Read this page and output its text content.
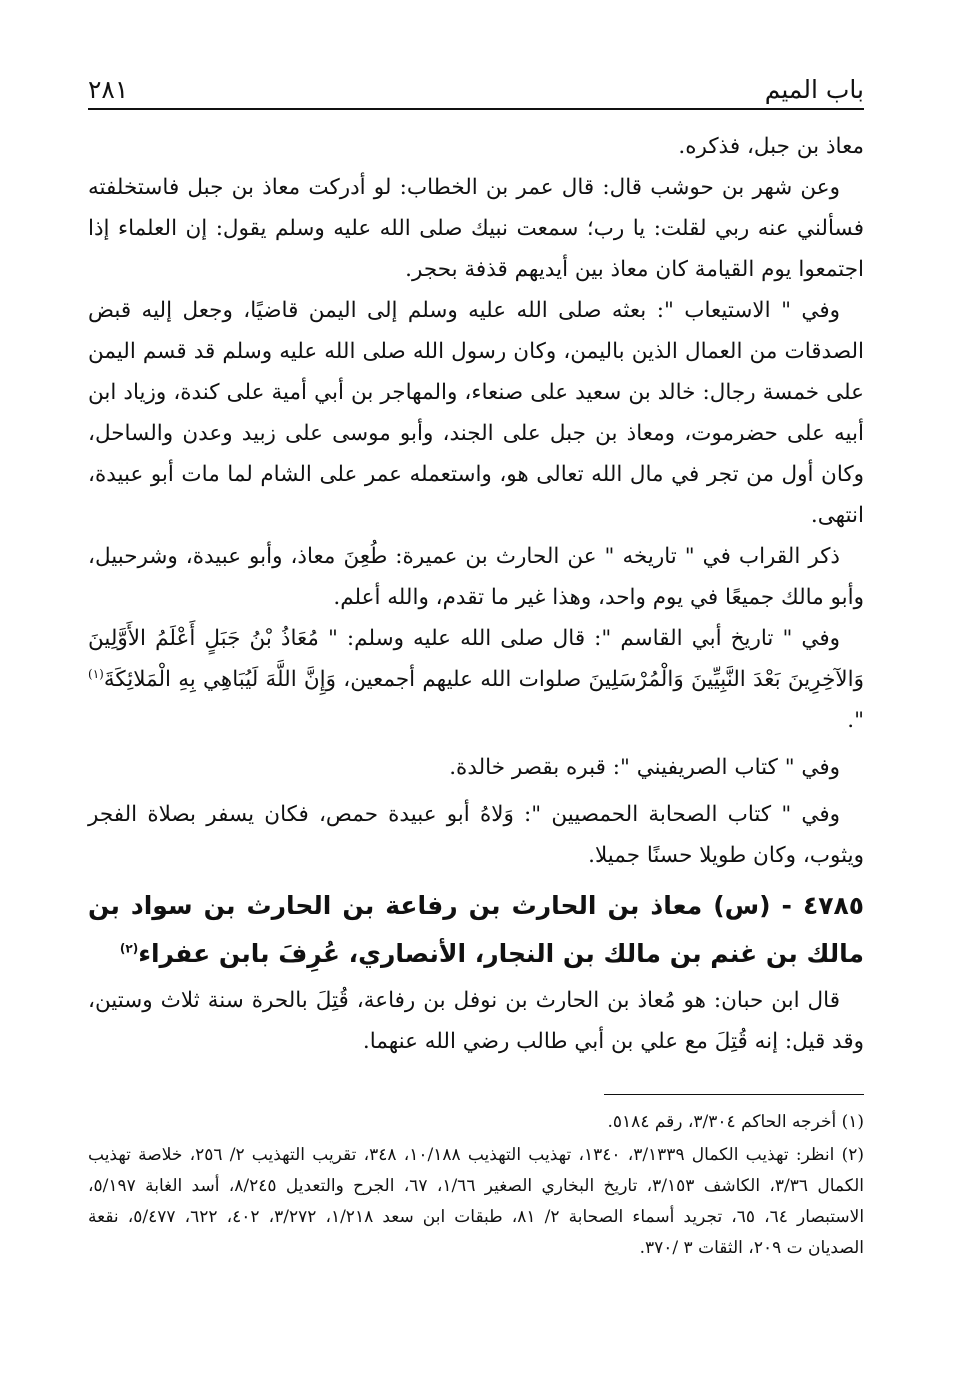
باب الميم
٢٨١

معاذ بن جبل، فذكره.

وعن شهر بن حوشب قال: قال عمر بن الخطاب: لو أدركت معاذ بن جبل فاستخلفته فسألني عنه ربي لقلت: يا رب؛ سمعت نبيك صلى الله عليه وسلم يقول: إن العلماء إذا اجتمعوا يوم القيامة كان معاذ بين أيديهم قذفة بحجر.

وفي " الاستيعاب ": بعثه صلى الله عليه وسلم إلى اليمن قاضيًا، وجعل إليه قبض الصدقات من العمال الذين باليمن، وكان رسول الله صلى الله عليه وسلم قد قسم اليمن على خمسة رجال: خالد بن سعيد على صنعاء، والمهاجر بن أبي أمية على كندة، وزياد ابن أبيه على حضرموت، ومعاذ بن جبل على الجند، وأبو موسى على زبيد وعدن والساحل، وكان أول من تجر في مال الله تعالى هو، واستعمله عمر على الشام لما مات أبو عبيدة، انتهى.

ذكر القراب في " تاريخه " عن الحارث بن عميرة: طُعِنَ معاذ، وأبو عبيدة، وشرحبيل، وأبو مالك جميعًا في يوم واحد، وهذا غير ما تقدم، والله أعلم.

وفي " تاريخ أبي القاسم ": قال صلى الله عليه وسلم: " مُعَاذُ بْنُ جَبَلٍ أَعْلَمُ الأَوَّلِينَ وَالآخِرِينَ بَعْدَ النَّبِيِّينَ وَالْمُرْسَلِينَ صلوات الله عليهم أجمعين، وَإِنَّ اللَّهَ لَيُبَاهِي بِهِ الْمَلائِكَةَ$^{(١)}$ ".

وفي " كتاب الصريفيني ": قبره بقصر خالدة.

وفي " كتاب الصحابة الحمصيين ": وَلاهُ أبو عبيدة حمص، فكان يسفر بصلاة الفجر ويثوب، وكان طويلا حسنًا جميلا.

٤٧٨٥ - (س) معاذ بن الحارث بن رفاعة بن الحارث بن سواد بن مالك بن غنم بن مالك بن النجار، الأنصاري، عُرِفَ بابن عفراء$^{(٢)}$

قال ابن حبان: هو مُعاذ بن الحارث بن نوفل بن رفاعة، قُتِلَ بالحرة سنة ثلاث وستين، وقد قيل: إنه قُتِلَ مع علي بن أبي طالب رضي الله عنهما.

(١) أخرجه الحاكم ٣/٣٠٤، رقم ٥١٨٤.

(٢) انظر: تهذيب الكمال ٣/١٣٣٩، ١٣٤٠، تهذيب التهذيب ١٠/١٨٨، ٣٤٨، تقريب التهذيب ٢/ ٢٥٦، خلاصة تهذيب الكمال ٣/٣٦، الكاشف ٣/١٥٣، تاريخ البخاري الصغير ١/٦٦، ٦٧، الجرح والتعديل ٨/٢٤٥، أسد الغابة ٥/١٩٧، الاستبصار ٦٤، ٦٥، تجريد أسماء الصحابة ٢/ ٨١، طبقات ابن سعد ١/٢١٨، ٣/٢٧٢، ٤٠٢، ٦٢٢، ٥/٤٧٧، نقعة الصديان ت ٢٠٩، الثقات ٣ /٣٧٠.
